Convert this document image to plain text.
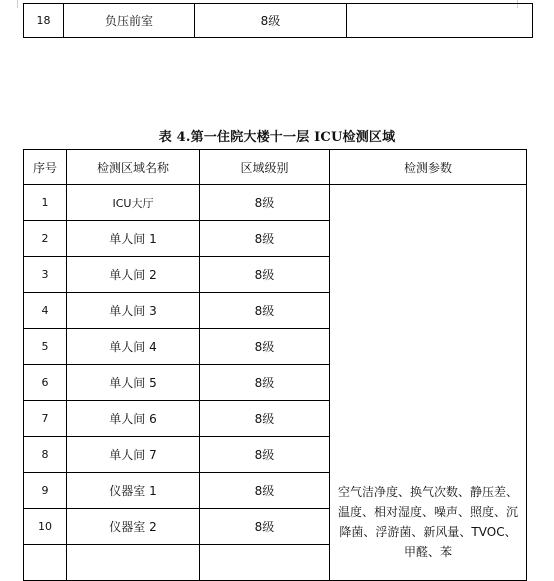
18	负压前室	8级	
表 4.第一住院大楼十一层 ICU检测区域
序号	检测区域名称	区域级别	检测参数
1	ICU大厅	8级	空气洁净度、换气次数、静压差、温度、相对湿度、噪声、照度、沉降菌、浮游菌、新风量、TVOC、甲醛、苯
2	单人间 1	8级	
3	单人间 2	8级	
4	单人间 3	8级	
5	单人间 4	8级	
6	单人间 5	8级	
7	单人间 6	8级	
8	单人间 7	8级	
9	仪器室 1	8级	
10	仪器室 2	8级	
